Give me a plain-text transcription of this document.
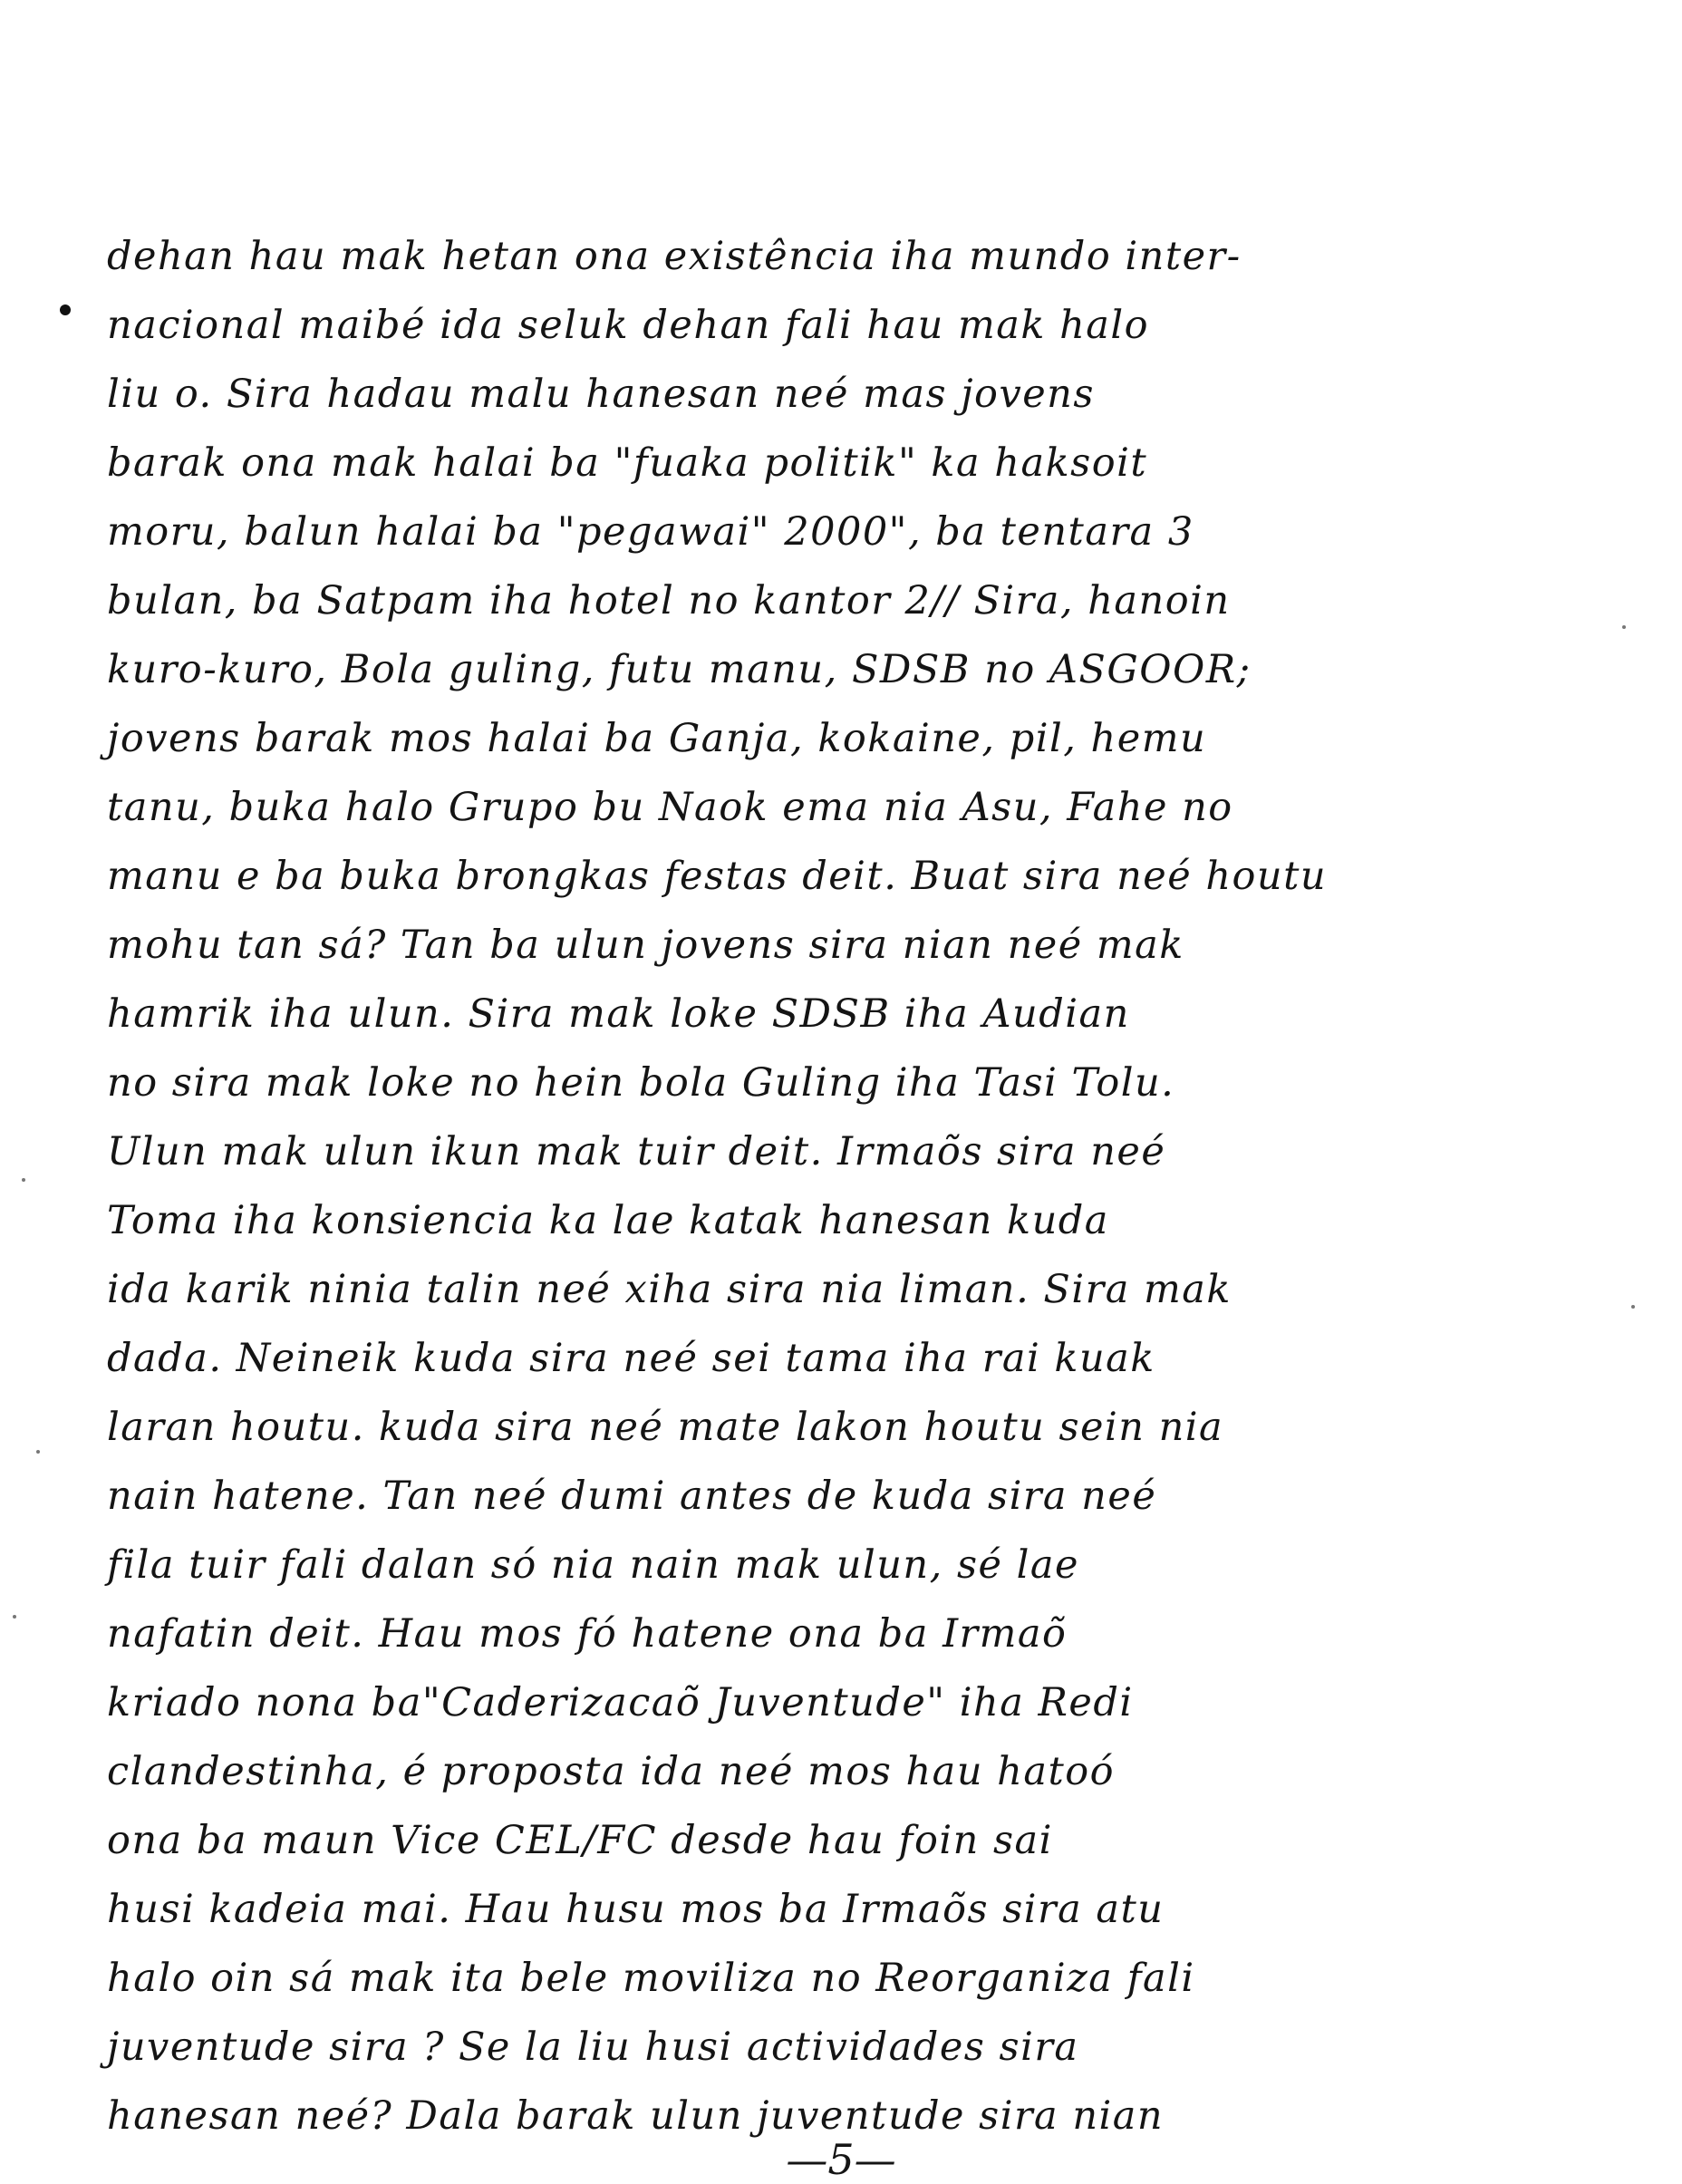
dehan hau mak hetan ona existência iha mundo inter-
nacional maibé ida seluk dehan fali hau mak halo
liu o. Sira hadau malu hanesan neé mas jovens
barak ona mak halai ba "fuaka politik" ka haksoit
moru, balun halai ba "pegawai" 2000", ba tentara 3
bulan, ba Satpam iha hotel no kantor 2// Sira, hanoin
kuro-kuro, Bola guling, futu manu, SDSB no ASGOOR;
jovens barak mos halai ba Ganja, kokaine, pil, hemu
tanu, buka halo Grupo bu Naok ema nia Asu, Fahe no
manu e ba buka brongkas festas deit. Buat sira neé houtu
mohu tan sá? Tan ba ulun jovens sira nian neé mak
hamrik iha ulun. Sira mak loke SDSB iha Audian
no sira mak loke no hein bola Guling iha Tasi Tolu.
Ulun mak ulun ikun mak tuir deit. Irmaõs sira neé
Toma iha konsiencia ka lae katak hanesan kuda
ida karik ninia talin neé xiha sira nia liman. Sira mak
dada. Neineik kuda sira neé sei tama iha rai kuak
laran houtu. kuda sira neé mate lakon houtu sein nia
nain hatene. Tan neé dumi antes de kuda sira neé
fila tuir fali dalan só nia nain mak ulun, sé lae
nafatin deit. Hau mos fó hatene ona ba Irmaõ
kriado nona ba"Caderizacaõ Juventude" iha Redi
clandestinha, é proposta ida neé mos hau hatoó
ona ba maun Vice CEL/FC desde hau foin sai
husi kadeia mai. Hau husu mos ba Irmaõs sira atu
halo oin sá mak ita bele moviliza no Reorganiza fali
juventude sira ? Se la liu husi actividades sira
hanesan neé? Dala barak ulun juventude sira nian
—5—
